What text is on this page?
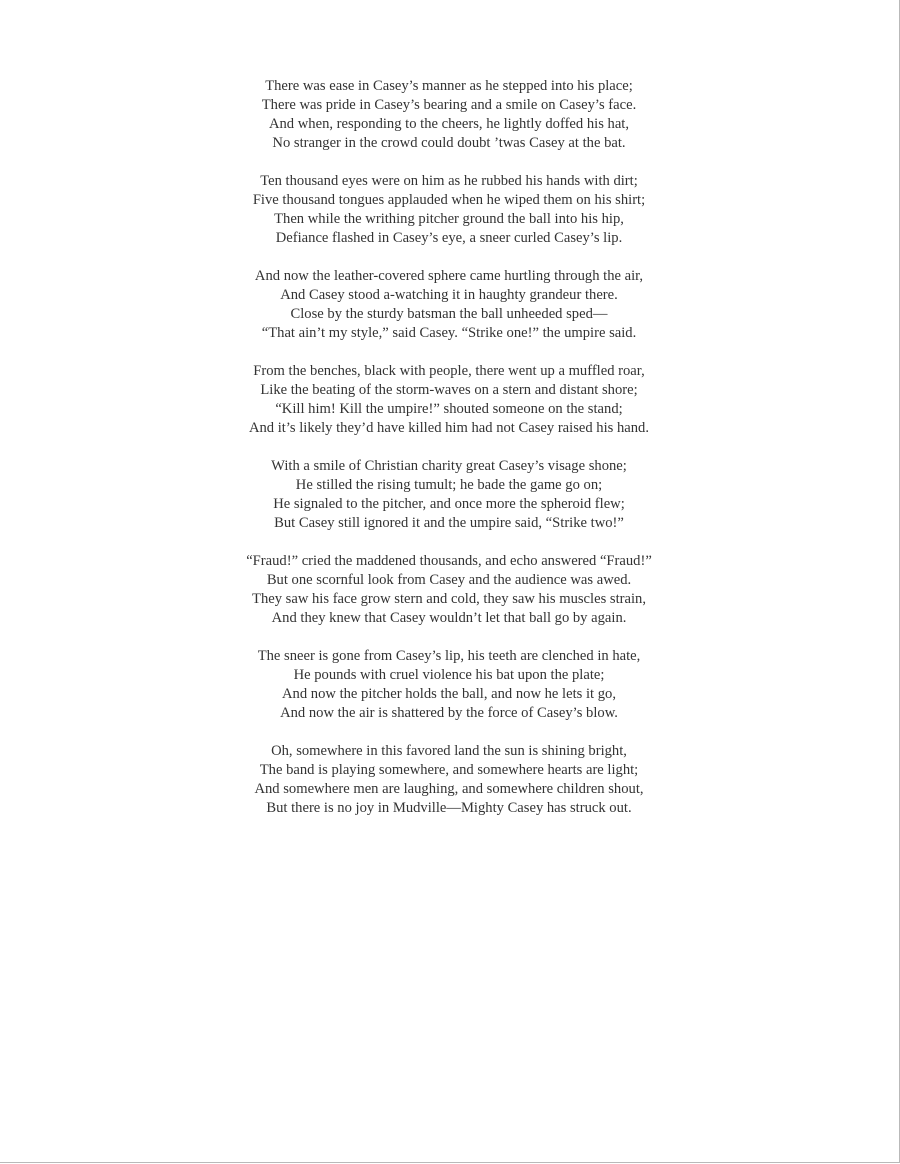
There was ease in Casey’s manner as he stepped into his place;
There was pride in Casey’s bearing and a smile on Casey’s face.
And when, responding to the cheers, he lightly doffed his hat,
No stranger in the crowd could doubt ’twas Casey at the bat.
Ten thousand eyes were on him as he rubbed his hands with dirt;
Five thousand tongues applauded when he wiped them on his shirt;
Then while the writhing pitcher ground the ball into his hip,
Defiance flashed in Casey’s eye, a sneer curled Casey’s lip.
And now the leather-covered sphere came hurtling through the air,
And Casey stood a-watching it in haughty grandeur there.
Close by the sturdy batsman the ball unheeded sped—
“That ain’t my style,” said Casey. “Strike one!” the umpire said.
From the benches, black with people, there went up a muffled roar,
Like the beating of the storm-waves on a stern and distant shore;
“Kill him! Kill the umpire!” shouted someone on the stand;
And it’s likely they’d have killed him had not Casey raised his hand.
With a smile of Christian charity great Casey’s visage shone;
He stilled the rising tumult; he bade the game go on;
He signaled to the pitcher, and once more the spheroid flew;
But Casey still ignored it and the umpire said, “Strike two!”
“Fraud!” cried the maddened thousands, and echo answered “Fraud!”
But one scornful look from Casey and the audience was awed.
They saw his face grow stern and cold, they saw his muscles strain,
And they knew that Casey wouldn’t let that ball go by again.
The sneer is gone from Casey’s lip, his teeth are clenched in hate,
He pounds with cruel violence his bat upon the plate;
And now the pitcher holds the ball, and now he lets it go,
And now the air is shattered by the force of Casey’s blow.
Oh, somewhere in this favored land the sun is shining bright,
The band is playing somewhere, and somewhere hearts are light;
And somewhere men are laughing, and somewhere children shout,
But there is no joy in Mudville—Mighty Casey has struck out.
